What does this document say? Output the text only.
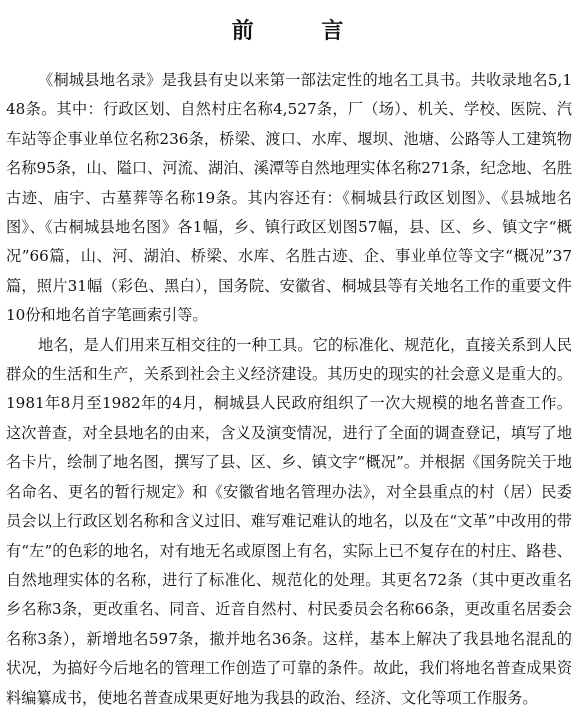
前 言

《桐城县地名录》是我县有史以来第一部法定性的地名工具书。共收录地名5,148条。其中：行政区划、自然村庄名称4,527条，厂（场）、机关、学校、医院、汽车站等企事业单位名称236条，桥梁、渡口、水库、堰坝、池塘、公路等人工建筑物名称95条，山、隘口、河流、湖泊、溪潭等自然地理实体名称271条，纪念地、名胜古迹、庙宇、古墓葬等名称19条。其内容还有：《桐城县行政区划图》、《县城地名图》、《古桐城县地名图》各1幅，乡、镇行政区划图57幅，县、区、乡、镇文字“概况”66篇，山、河、湖泊、桥梁、水库、名胜古迹、企、事业单位等文字“概况”37篇，照片31幅（彩色、黑白），国务院、安徽省、桐城县等有关地名工作的重要文件10份和地名首字笔画索引等。

地名，是人们用来互相交往的一种工具。它的标准化、规范化，直接关系到人民群众的生活和生产，关系到社会主义经济建设。其历史的现实的社会意义是重大的。1981年8月至1982年的4月，桐城县人民政府组织了一次大规模的地名普查工作。这次普查，对全县地名的由来，含义及演变情况，进行了全面的调查登记，填写了地名卡片，绘制了地名图，撰写了县、区、乡、镇文字“概况”。并根据《国务院关于地名命名、更名的暂行规定》和《安徽省地名管理办法》，对全县重点的村（居）民委员会以上行政区划名称和含义过旧、难写难记难认的地名，以及在“文革”中改用的带有“左”的色彩的地名，对有地无名或原图上有名，实际上已不复存在的村庄、路巷、自然地理实体的名称，进行了标准化、规范化的处理。其更名72条（其中更改重名乡名称3条，更改重名、同音、近音自然村、村民委员会名称66条，更改重名居委会名称3条），新增地名597条，撤并地名36条。这样，基本上解决了我县地名混乱的状况，为搞好今后地名的管理工作创造了可靠的条件。故此，我们将地名普查成果资料编纂成书，使地名普查成果更好地为我县的政治、经济、文化等项工作服务。
